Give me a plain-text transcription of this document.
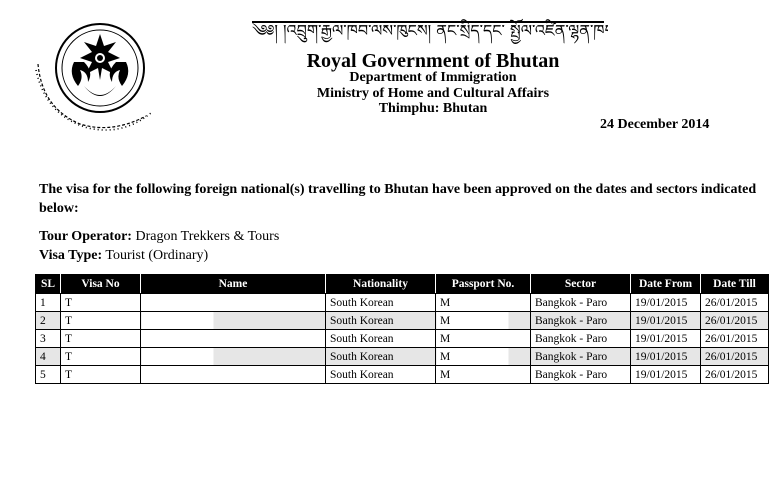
༄༅། །འབྲུག་རྒྱལ་ཁབ་ལས་ཁུངས། ནང་སྲིད་དང་ སྤྱོལ་འཛིན་ལྷན་ཁག
Royal Government of Bhutan
Department of Immigration
Ministry of Home and Cultural Affairs
Thimphu: Bhutan
24 December 2014
The visa for the following foreign national(s) travelling to Bhutan have been approved on the dates and sectors indicated below:
Tour Operator: Dragon Trekkers & Tours
Visa Type: Tourist (Ordinary)
SL	Visa No	Name	Nationality	Passport No.	Sector	Date From	Date Till
1	T		South Korean	M	Bangkok - Paro	19/01/2015	26/01/2015
2	T		South Korean	M	Bangkok - Paro	19/01/2015	26/01/2015
3	T		South Korean	M	Bangkok - Paro	19/01/2015	26/01/2015
4	T		South Korean	M	Bangkok - Paro	19/01/2015	26/01/2015
5	T		South Korean	M	Bangkok - Paro	19/01/2015	26/01/2015
